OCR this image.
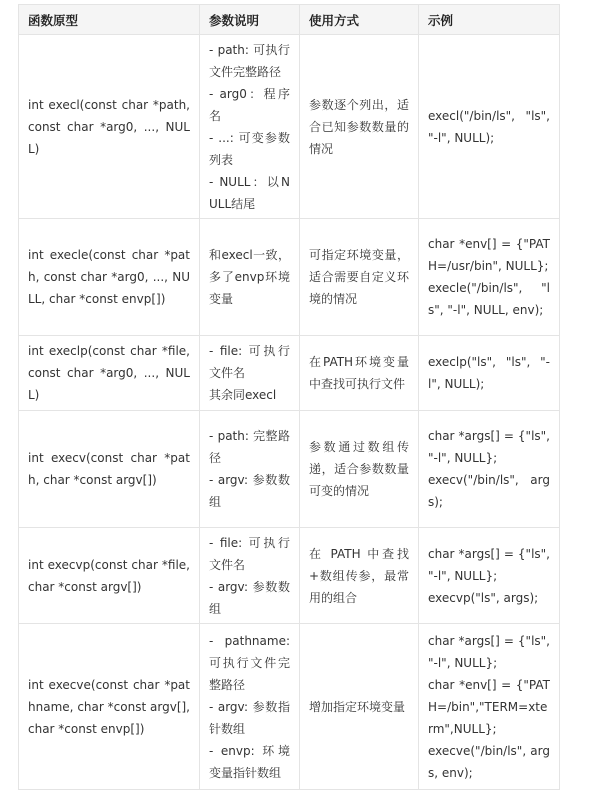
函数原型	参数说明	使用方式	示例
int execl(const char *path, const char *arg0, ..., NULL)	- path: 可执行文件完整路径
- arg0：程序名
- ...: 可变参数列表
- NULL：以NULL结尾	参数逐个列出，适合已知参数数量的情况	execl("/bin/ls", "ls", "-l", NULL);

int execle(const char *path, const char *arg0, ..., NULL, char *const envp[])	和execl一致，多了envp环境变量	可指定环境变量，适合需要自定义环境的情况	char *env[] = {"PATH=/usr/bin", NULL};
execle("/bin/ls", "ls", "-l", NULL, env);

int execlp(const char *file, const char *arg0, ..., NULL)	- file: 可执行文件名
其余同execl	在PATH环境变量中查找可执行文件	execlp("ls", "ls", "-l", NULL);

int execv(const char *path, char *const argv[])	- path: 完整路径
- argv: 参数数组	参数通过数组传递，适合参数数量可变的情况	char *args[] = {"ls", "-l", NULL};
execv("/bin/ls", args);

int execvp(const char *file, char *const argv[])	- file: 可执行文件名
- argv: 参数数组	在 PATH 中查找+数组传参，最常用的组合	char *args[] = {"ls", "-l", NULL};
execvp("ls", args);

int execve(const char *pathname, char *const argv[], char *const envp[])	- pathname: 可执行文件完整路径
- argv: 参数指针数组
- envp: 环境变量指针数组	增加指定环境变量	char *args[] = {"ls", "-l", NULL};
char *env[] = {"PATH=/bin","TERM=xterm",NULL};
execve("/bin/ls", args, env);
